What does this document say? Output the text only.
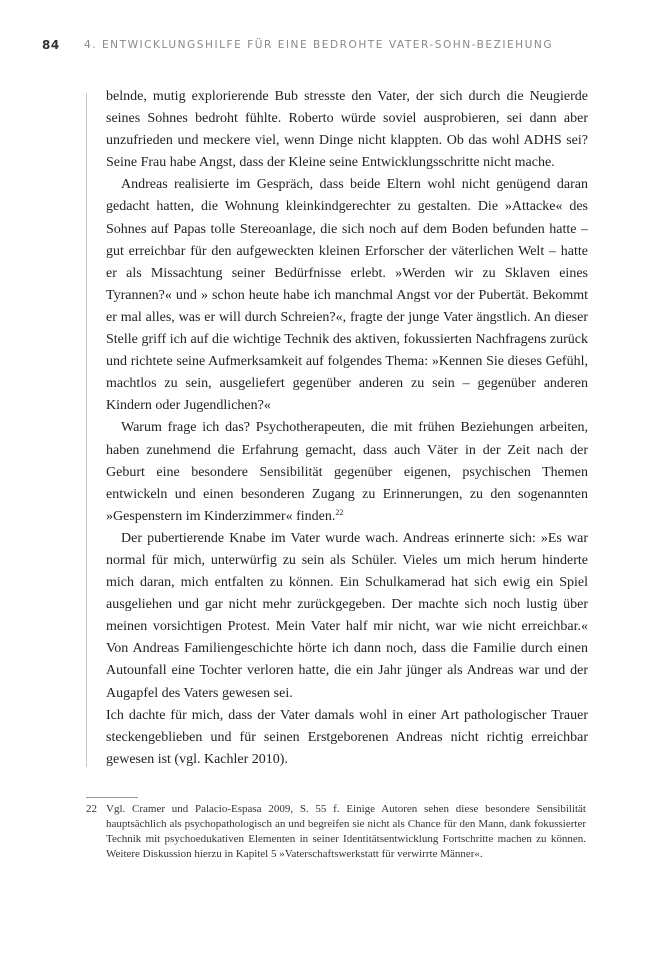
84 4. ENTWICKLUNGSHILFE FÜR EINE BEDROHTE VATER-SOHN-BEZIEHUNG

belnde, mutig explorierende Bub stresste den Vater, der sich durch die Neugierde seines Sohnes bedroht fühlte. Roberto würde soviel ausprobieren, sei dann aber unzufrieden und meckere viel, wenn Dinge nicht klappten. Ob das wohl ADHS sei? Seine Frau habe Angst, dass der Kleine seine Entwicklungsschritte nicht mache.

Andreas realisierte im Gespräch, dass beide Eltern wohl nicht genügend daran gedacht hatten, die Wohnung kleinkindgerechter zu gestalten. Die »Attacke« des Sohnes auf Papas tolle Stereoanlage, die sich noch auf dem Boden befunden hatte – gut erreichbar für den aufgeweckten kleinen Erforscher der väterlichen Welt – hatte er als Missachtung seiner Bedürfnisse erlebt. »Werden wir zu Sklaven eines Tyrannen?« und » schon heute habe ich manchmal Angst vor der Pubertät. Bekommt er mal alles, was er will durch Schreien?«, fragte der junge Vater ängstlich. An dieser Stelle griff ich auf die wichtige Technik des aktiven, fokussierten Nachfragens zurück und richtete seine Aufmerksamkeit auf folgendes Thema: »Kennen Sie dieses Gefühl, machtlos zu sein, ausgeliefert gegenüber anderen zu sein – gegenüber anderen Kindern oder Jugendlichen?«

Warum frage ich das? Psychotherapeuten, die mit frühen Beziehungen arbeiten, haben zunehmend die Erfahrung gemacht, dass auch Väter in der Zeit nach der Geburt eine besondere Sensibilität gegenüber eigenen, psychischen Themen entwickeln und einen besonderen Zugang zu Erinnerungen, zu den sogenannten »Gespenstern im Kinderzimmer« finden.$^{22}$

Der pubertierende Knabe im Vater wurde wach. Andreas erinnerte sich: »Es war normal für mich, unterwürfig zu sein als Schüler. Vieles um mich herum hinderte mich daran, mich entfalten zu können. Ein Schulkamerad hat sich ewig ein Spiel ausgeliehen und gar nicht mehr zurückgegeben. Der machte sich noch lustig über meinen vorsichtigen Protest. Mein Vater half mir nicht, war wie nicht erreichbar.« Von Andreas Familiengeschichte hörte ich dann noch, dass die Familie durch einen Autounfall eine Tochter verloren hatte, die ein Jahr jünger als Andreas war und der Augapfel des Vaters gewesen sei.

Ich dachte für mich, dass der Vater damals wohl in einer Art pathologischer Trauer steckengeblieben und für seinen Erstgeborenen Andreas nicht richtig erreichbar gewesen ist (vgl. Kachler 2010).

22 Vgl. Cramer und Palacio-Espasa 2009, S. 55 f. Einige Autoren sehen diese besondere Sensibilität hauptsächlich als psychopathologisch an und begreifen sie nicht als Chance für den Mann, dank fokussierter Technik mit psychoedukativen Elementen in seiner Identitätsentwicklung Fortschritte machen zu können. Weitere Diskussion hierzu in Kapitel 5 »Vaterschaftswerkstatt für verwirrte Männer«.
